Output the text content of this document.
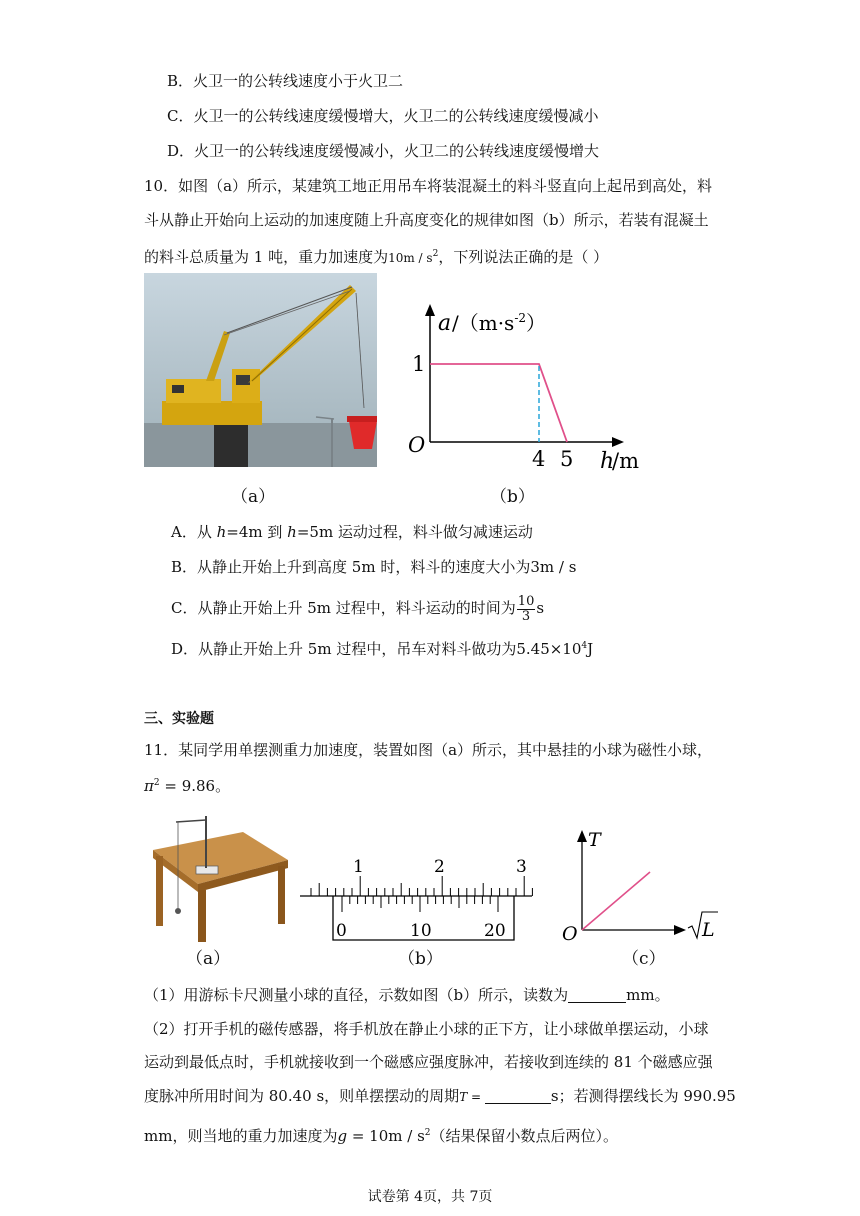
B．火卫一的公转线速度小于火卫二
C．火卫一的公转线速度缓慢增大，火卫二的公转线速度缓慢减小
D．火卫一的公转线速度缓慢减小，火卫二的公转线速度缓慢增大
10．如图（a）所示，某建筑工地正用吊车将装混凝土的料斗竖直向上起吊到高处，料
斗从静止开始向上运动的加速度随上升高度变化的规律如图（b）所示，若装有混凝土
的料斗总质量为 1 吨，重力加速度为$10m / s^2$，下列说法正确的是（ ）
（a）
a $/(m\cdot s^{-2})$
1
O
4 5 h
/m
（b）
A．从 h=4m 到 h=5m 运动过程，料斗做匀减速运动
B．从静止开始上升到高度 5m 时，料斗的速度大小为3m / s
C．从静止开始上升 5m 过程中，料斗运动的时间为 $\frac{10}{3}$ s
D．从静止开始上升 5m 过程中，吊车对料斗做功为$5.45\times 10^4J$
三、实验题
11．某同学用单摆测重力加速度，装置如图（a）所示，其中悬挂的小球为磁性小球，
$\pi^2 = 9.86$。
（a）
1	2	3
0	10	20
（b）
T
O	L
（c）
（1）用游标卡尺测量小球的直径，示数如图（b）所示，读数为	mm。
（2）打开手机的磁传感器，将手机放在静止小球的正下方，让小球做单摆运动，小球
运动到最低点时，手机就接收到一个磁感应强度脉冲，若接收到连续的 81 个磁感应强
度脉冲所用时间为 80.40 s，则单摆摆动的周期T =	s；若测得摆线长为 990.95
mm，则当地的重力加速度为$g = 10m / s^2$（结果保留小数点后两位）。
试卷第 4页，共 7页
